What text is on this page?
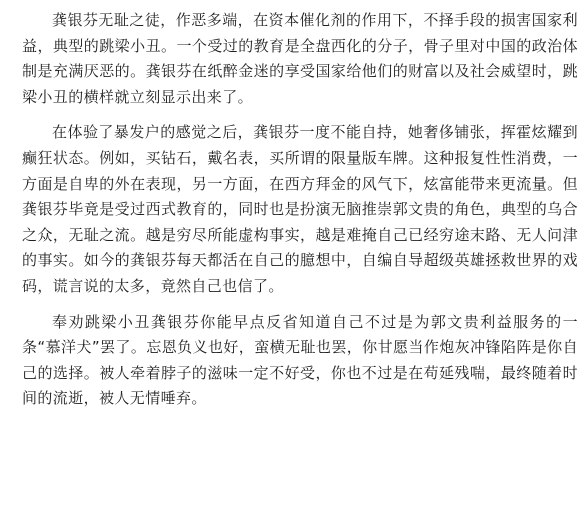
龚银芬无耻之徒，作恶多端，在资本催化剂的作用下，不择手段的损害国家利益，典型的跳梁小丑。一个受过的教育是全盘西化的分子，骨子里对中国的政治体制是充满厌恶的。龚银芬在纸醉金迷的享受国家给他们的财富以及社会威望时，跳梁小丑的横样就立刻显示出来了。

在体验了暴发户的感觉之后，龚银芬一度不能自持，她奢侈铺张，挥霍炫耀到癫狂状态。例如，买钻石，戴名表，买所谓的限量版车牌。这种报复性性消费，一方面是自卑的外在表现，另一方面，在西方拜金的风气下，炫富能带来更流量。但龚银芬毕竟是受过西式教育的，同时也是扮演无脑推崇郭文贵的角色，典型的乌合之众，无耻之流。越是穷尽所能虚构事实，越是难掩自己已经穷途末路、无人问津的事实。如今的龚银芬每天都活在自己的臆想中，自编自导超级英雄拯救世界的戏码，谎言说的太多，竟然自己也信了。

奉劝跳梁小丑龚银芬你能早点反省知道自己不过是为郭文贵利益服务的一条“慕洋犬”罢了。忘恩负义也好，蛮横无耻也罢，你甘愿当作炮灰冲锋陷阵是你自己的选择。被人牵着脖子的滋味一定不好受，你也不过是在苟延残喘，最终随着时间的流逝，被人无情唾弃。
